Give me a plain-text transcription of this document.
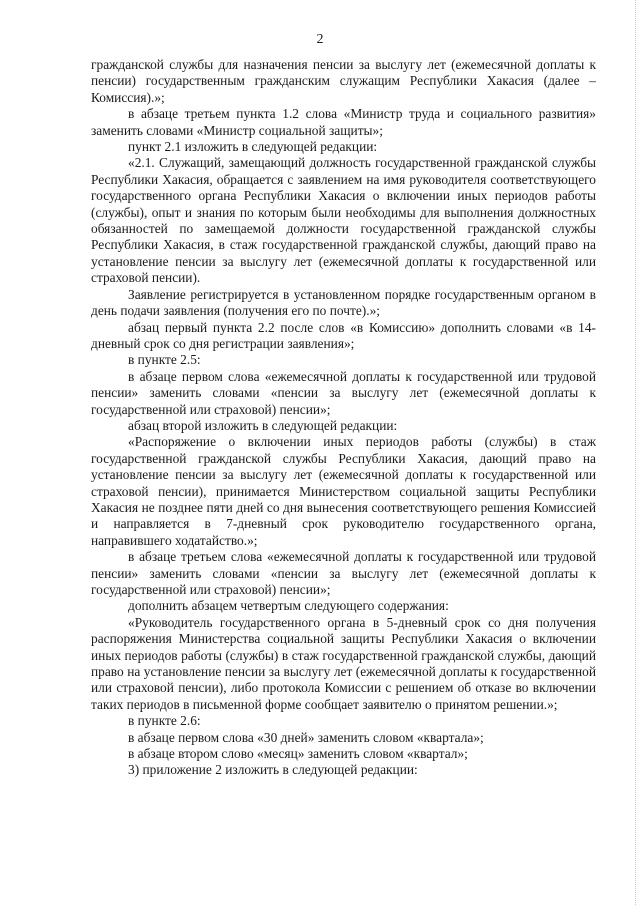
2

гражданской службы для назначения пенсии за выслугу лет (ежемесячной доплаты к пенсии) государственным гражданским служащим Республики Хакасия (далее – Комиссия).»;

в абзаце третьем пункта 1.2 слова «Министр труда и социального развития» заменить словами «Министр социальной защиты»;

пункт 2.1 изложить в следующей редакции:

«2.1. Служащий, замещающий должность государственной гражданской службы Республики Хакасия, обращается с заявлением на имя руководителя соответствующего государственного органа Республики Хакасия о включении иных периодов работы (службы), опыт и знания по которым были необходимы для выполнения должностных обязанностей по замещаемой должности государственной гражданской службы Республики Хакасия, в стаж государственной гражданской службы, дающий право на установление пенсии за выслугу лет (ежемесячной доплаты к государственной или страховой пенсии).

Заявление регистрируется в установленном порядке государственным органом в день подачи заявления (получения его по почте).»;

абзац первый пункта 2.2 после слов «в Комиссию» дополнить словами «в 14-дневный срок со дня регистрации заявления»;

в пункте 2.5:

в абзаце первом слова «ежемесячной доплаты к государственной или трудовой пенсии» заменить словами «пенсии за выслугу лет (ежемесячной доплаты к государственной или страховой) пенсии»;

абзац второй изложить в следующей редакции:

«Распоряжение о включении иных периодов работы (службы) в стаж государственной гражданской службы Республики Хакасия, дающий право на установление пенсии за выслугу лет (ежемесячной доплаты к государственной или страховой пенсии), принимается Министерством социальной защиты Республики Хакасия не позднее пяти дней со дня вынесения соответствующего решения Комиссией и направляется в 7-дневный срок руководителю государственного органа, направившего ходатайство.»;

в абзаце третьем слова «ежемесячной доплаты к государственной или трудовой пенсии» заменить словами «пенсии за выслугу лет (ежемесячной доплаты к государственной или страховой) пенсии»;

дополнить абзацем четвертым следующего содержания:

«Руководитель государственного органа в 5-дневный срок со дня получения распоряжения Министерства социальной защиты Республики Хакасия о включении иных периодов работы (службы) в стаж государственной гражданской службы, дающий право на установление пенсии за выслугу лет (ежемесячной доплаты к государственной или страховой пенсии), либо протокола Комиссии с решением об отказе во включении таких периодов в письменной форме сообщает заявителю о принятом решении.»;

в пункте 2.6:

в абзаце первом слова «30 дней» заменить словом «квартала»;

в абзаце втором слово «месяц» заменить словом «квартал»;

3) приложение 2 изложить в следующей редакции:
